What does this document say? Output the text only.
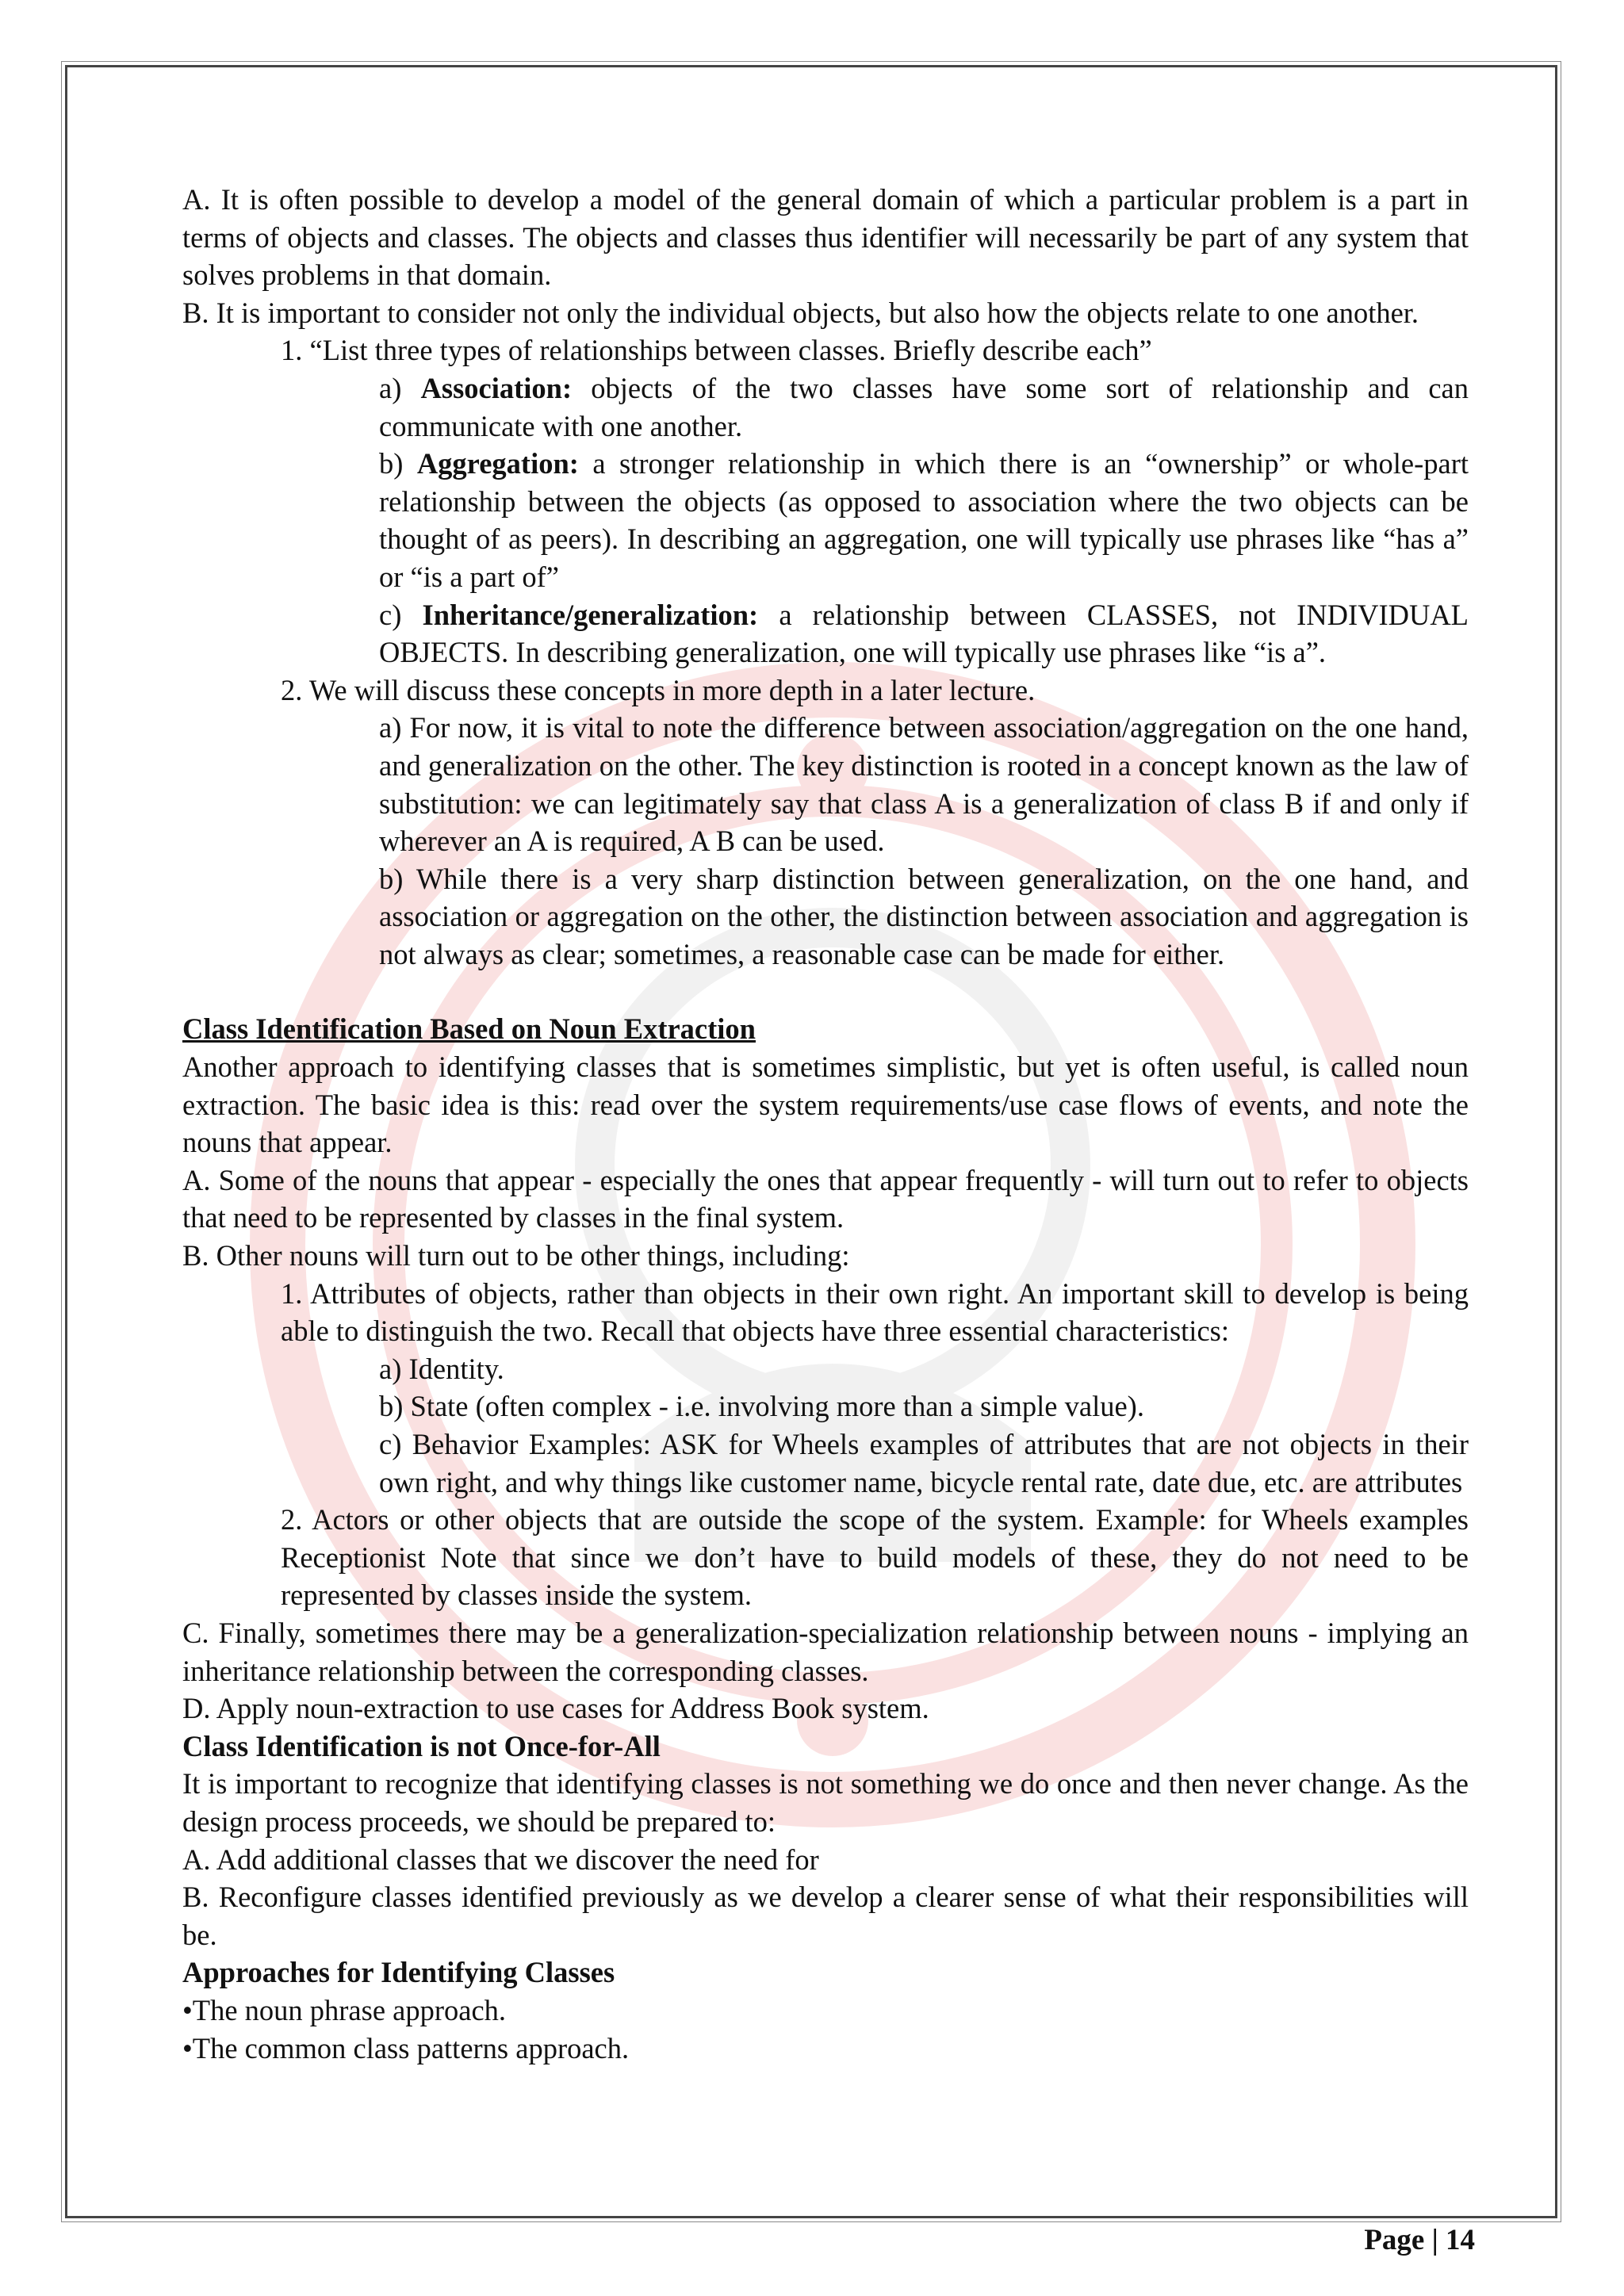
A. It is often possible to develop a model of the general domain of which a particular problem is a part in terms of objects and classes. The objects and classes thus identifier will necessarily be part of any system that solves problems in that domain.

B. It is important to consider not only the individual objects, but also how the objects relate to one another.

1. “List three types of relationships between classes. Briefly describe each”

a) Association: objects of the two classes have some sort of relationship and can communicate with one another.

b) Aggregation: a stronger relationship in which there is an “ownership” or whole-part relationship between the objects (as opposed to association where the two objects can be thought of as peers). In describing an aggregation, one will typically use phrases like “has a” or “is a part of”

c) Inheritance/generalization: a relationship between CLASSES, not INDIVIDUAL OBJECTS. In describing generalization, one will typically use phrases like “is a”.

2. We will discuss these concepts in more depth in a later lecture.

a) For now, it is vital to note the difference between association/aggregation on the one hand, and generalization on the other. The key distinction is rooted in a concept known as the law of substitution: we can legitimately say that class A is a generalization of class B if and only if wherever an A is required, A B can be used.

b) While there is a very sharp distinction between generalization, on the one hand, and association or aggregation on the other, the distinction between association and aggregation is not always as clear; sometimes, a reasonable case can be made for either.

Class Identification Based on Noun Extraction

Another approach to identifying classes that is sometimes simplistic, but yet is often useful, is called noun extraction. The basic idea is this: read over the system requirements/use case flows of events, and note the nouns that appear.

A. Some of the nouns that appear - especially the ones that appear frequently - will turn out to refer to objects that need to be represented by classes in the final system.

B. Other nouns will turn out to be other things, including:

1. Attributes of objects, rather than objects in their own right. An important skill to develop is being able to distinguish the two. Recall that objects have three essential characteristics:

a) Identity.

b) State (often complex - i.e. involving more than a simple value).

c) Behavior Examples: ASK for Wheels examples of attributes that are not objects in their own right, and why things like customer name, bicycle rental rate, date due, etc. are attributes

2. Actors or other objects that are outside the scope of the system. Example: for Wheels examples Receptionist Note that since we don’t have to build models of these, they do not need to be represented by classes inside the system.

C. Finally, sometimes there may be a generalization-specialization relationship between nouns - implying an inheritance relationship between the corresponding classes.

D. Apply noun-extraction to use cases for Address Book system.

Class Identification is not Once-for-All

It is important to recognize that identifying classes is not something we do once and then never change. As the design process proceeds, we should be prepared to:

A. Add additional classes that we discover the need for

B. Reconfigure classes identified previously as we develop a clearer sense of what their responsibilities will be.

Approaches for Identifying Classes

•The noun phrase approach.

•The common class patterns approach.

Page | 14
